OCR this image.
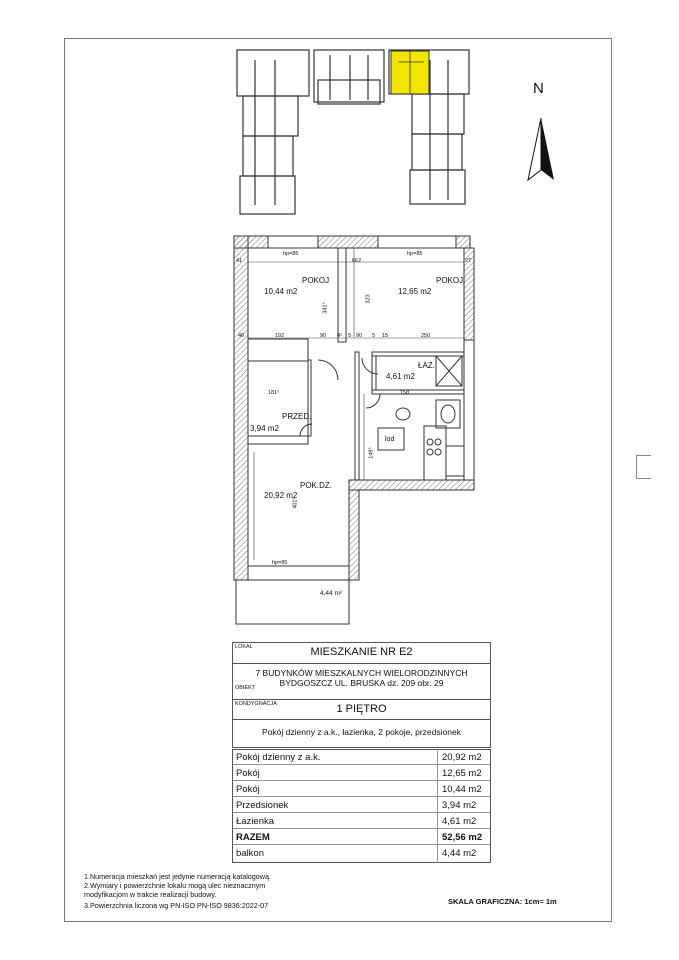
hp=85	hp=85
662
41	27
46	192	90 4⁵ 5 90 5 15	250
323
341⁵
181⁵	158
401⁵
148⁵
hp=85
POKOJ
10,44 m2
POKOJ
12,65 m2
ŁAZ.
4,61 m2
PRZED.
3,94 m2
POK.DZ.
20,92 m2
lod
4,44 m²
N
LOKAL	MIESZKANIE NR E2
7 BUDYNKÓW MIESZKALNYCH WIELORODZINNYCH
BYDGOSZCZ UL. BRUSKA dz. 209 obr. 29
OBIEKT
KONDYGNACJA	1 PIĘTRO
Pokój dzienny z a.k., łazienka, 2 pokoje, przedsionek
Pokój dzienny z a.k.	20,92 m2
Pokój	12,65 m2
Pokój	10,44 m2
Przedsionek	3,94 m2
Łazienka	4,61 m2
RAZEM	52,56 m2
balkon	4,44 m2
1.Numeracja mieszkań jest jedynie numeracją katalogową.
2.Wymiary i powierzchnie lokalu mogą ulec nieznacznym
modyfikacjom w trakcie realizacji budowy.
3.Powierzchnia liczona wg PN-ISO PN-ISO 9836:2022-07	SKALA GRAFICZNA: 1cm= 1m
